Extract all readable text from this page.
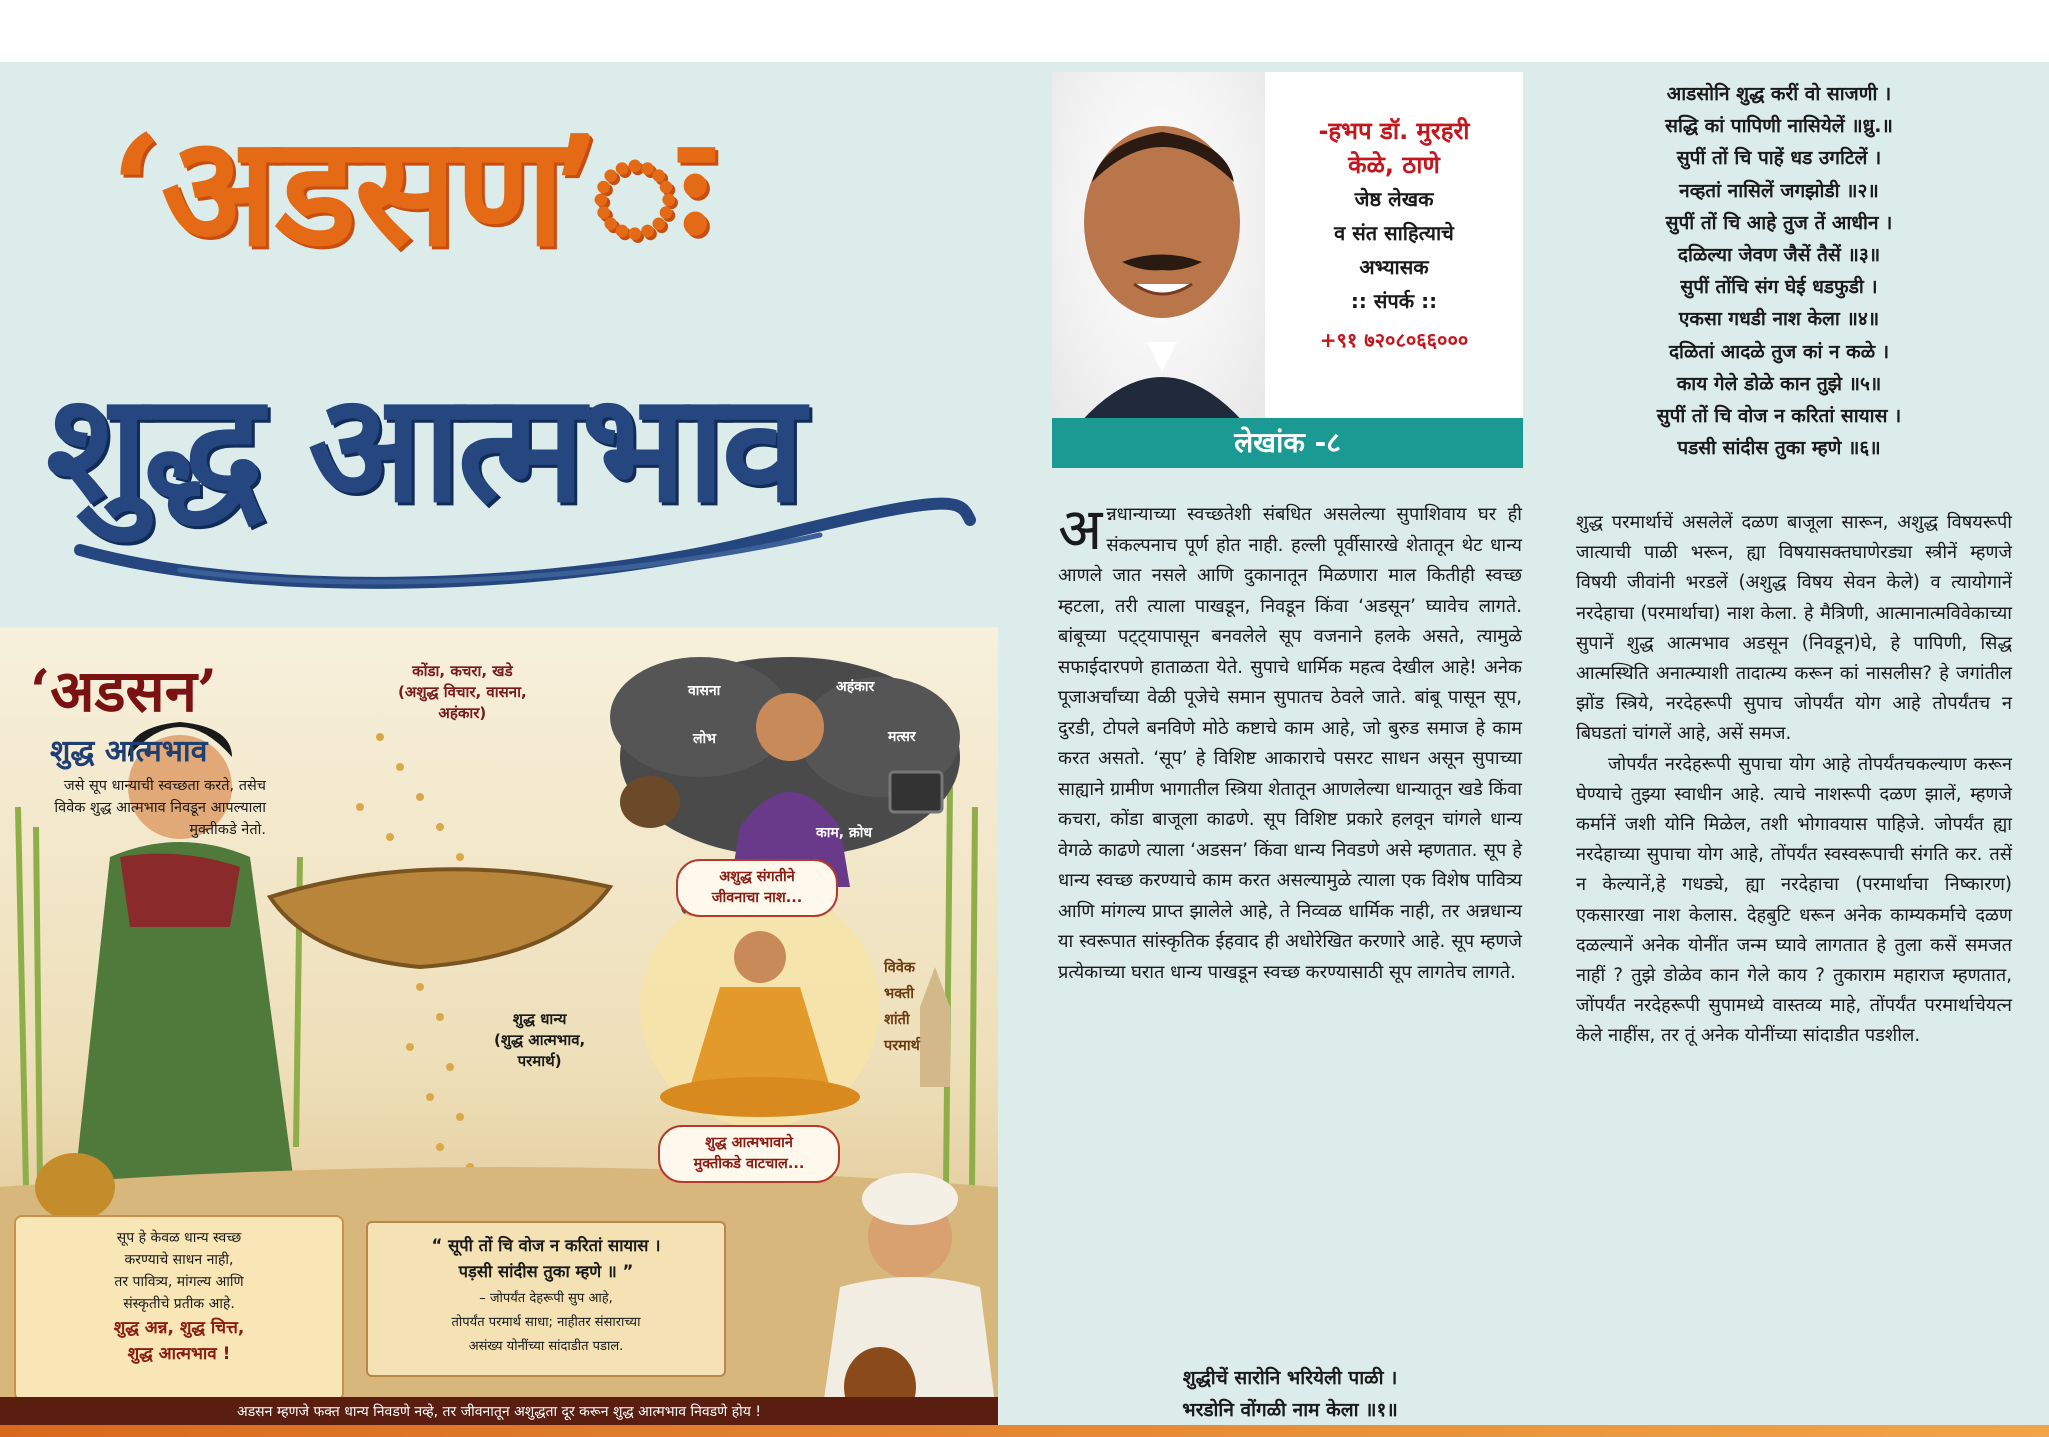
‘अडसण’ः
शुद्ध आत्मभाव
‘अडसन’
शुद्ध आत्मभाव
जसे सूप धान्याची स्वच्छता करते, तसेच विवेक शुद्ध आत्मभाव निवडून आपल्याला मुक्तीकडे नेतो.
कोंडा, कचरा, खडे
(अशुद्ध विचार, वासना,
अहंकार)
वासना	अहंकार
लोभ	मत्सर
काम, क्रोध
अशुद्ध संगतीने
जीवनाचा नाश...
विवेक
भक्ती
शांती
परमार्थ
शुद्ध धान्य
(शुद्ध आत्मभाव,
परमार्थ)
शुद्ध आत्मभावाने
मुक्तीकडे वाटचाल...
सूप हे केवळ धान्य स्वच्छ
करण्याचे साधन नाही,
तर पावित्र्य, मांगल्य आणि
संस्कृतीचे प्रतीक आहे.
शुद्ध अन्न, शुद्ध चित्त,
शुद्ध आत्मभाव !
“ सूपी तों चि वोज न करितां सायास ।
पड़सी सांदीस तुका म्हणे ॥ ”
– जोपर्यंत देहरूपी सुप आहे,
तोपर्यंत परमार्थ साधा; नाहीतर संसाराच्या
असंख्य योनींच्या सांदाडीत पडाल.
अडसन म्हणजे फक्त धान्य निवडणे नव्हे, तर जीवनातून अशुद्धता दूर करून शुद्ध आत्मभाव निवडणे होय !
-हभप डॉ. मुरहरी
केळे, ठाणे
जेष्ठ लेखक
व संत साहित्याचे
अभ्यासक
:: संपर्क ::
+९१ ७२०८०६६०००
लेखांक -८
अन्नधान्याच्या स्वच्छतेशी संबधित असलेल्या सुपाशिवाय घर ही संकल्पनाच पूर्ण होत नाही. हल्ली पूर्वीसारखे शेतातून थेट धान्य आणले जात नसले आणि दुकानातून मिळणारा माल कितीही स्वच्छ म्हटला, तरी त्याला पाखडून, निवडून किंवा ‘अडसून’ घ्यावेच लागते. बांबूच्या पट्ट्यापासून बनवलेले सूप वजनाने हलके असते, त्यामुळे सफाईदारपणे हाताळता येते. सुपाचे धार्मिक महत्व देखील आहे! अनेक पूजाअर्चांच्या वेळी पूजेचे समान सुपातच ठेवले जाते. बांबू पासून सूप, दुरडी, टोपले बनविणे मोठे कष्टाचे काम आहे, जो बुरुड समाज हे काम करत असतो. ‘सूप’ हे विशिष्ट आकाराचे पसरट साधन असून सुपाच्या साह्याने ग्रामीण भागातील स्त्रिया शेतातून आणलेल्या धान्यातून खडे किंवा कचरा, कोंडा बाजूला काढणे. सूप विशिष्ट प्रकारे हलवून चांगले धान्य वेगळे काढणे त्याला ‘अडसन’ किंवा धान्य निवडणे असे म्हणतात. सूप हे धान्य स्वच्छ करण्याचे काम करत असल्यामुळे त्याला एक विशेष पावित्र्य आणि मांगल्य प्राप्त झालेले आहे, ते निव्वळ धार्मिक नाही, तर अन्नधान्य या स्वरूपात सांस्कृतिक ईहवाद ही अधोरेखित करणारे आहे. सूप म्हणजे प्रत्येकाच्या घरात धान्य पाखडून स्वच्छ करण्यासाठी सूप लागतेच लागते.
शुद्धीचें सारोनि भरियेली पाळी ।
भरडोनि वोंगळी नाम केला ॥१॥
आडसोनि शुद्ध करीं वो साजणी ।
सद्धि कां पापिणी नासियेलें ॥ध्रु.॥
सुपीं तों चि पाहें धड उगटिलें ।
नव्हतां नासिलें जगझोडी ॥२॥
सुपीं तों चि आहे तुज तें आधीन ।
दळिल्या जेवण जैसें तैसें ॥३॥
सुपीं तोंचि संग घेई धडफुडी ।
एकसा गधडी नाश केला ॥४॥
दळितां आदळे तुज कां न कळे ।
काय गेले डोळे कान तुझे ॥५॥
सुपीं तों चि वोज न करितां सायास ।
पडसी सांदीस तुका म्हणे ॥६॥

शुद्ध परमार्थाचें असलेलें दळण बाजूला सारून, अशुद्ध विषयरूपी जात्याची पाळी भरून, ह्या विषयासक्तघाणेरड्या स्त्रीनें म्हणजे विषयी जीवांनी भरडलें (अशुद्ध विषय सेवन केले) व त्यायोगानें नरदेहाचा (परमार्थाचा) नाश केला. हे मैत्रिणी, आत्मानात्मविवेकाच्या सुपानें शुद्ध आत्मभाव अडसून (निवडून)घे, हे पापिणी, सिद्ध आत्मस्थिति अनात्म्याशी तादात्म्य करून कां नासलीस? हे जगांतील झोंड स्त्रिये, नरदेहरूपी सुपाच जोपर्यंत योग आहे तोपर्यंतच न बिघडतां चांगलें आहे, असें समज.

जोपर्यंत नरदेहरूपी सुपाचा योग आहे तोपर्यंतचकल्याण करून घेण्याचे तुझ्या स्वाधीन आहे. त्याचे नाशरूपी दळण झालें, म्हणजे कर्मानें जशी योनि मिळेल, तशी भोगावयास पाहिजे. जोपर्यंत ह्या नरदेहाच्या सुपाचा योग आहे, तोंपर्यंत स्वस्वरूपाची संगति कर. तसें न केल्यानें,हे गधड्ये, ह्या नरदेहाचा (परमार्थाचा निष्कारण) एकसारखा नाश केलास. देहबुटि धरून अनेक काम्यकर्माचे दळण दळल्यानें अनेक योनींत जन्म घ्यावे लागतात हे तुला कसें समजत नाहीं ? तुझे डोळेव कान गेले काय ? तुकाराम महाराज म्हणतात, जोंपर्यंत नरदेहरूपी सुपामध्ये वास्तव्य माहे, तोंपर्यंत परमार्थाचेयत्न केले नाहींस, तर तूं अनेक योनींच्या सांदाडीत पडशील.
